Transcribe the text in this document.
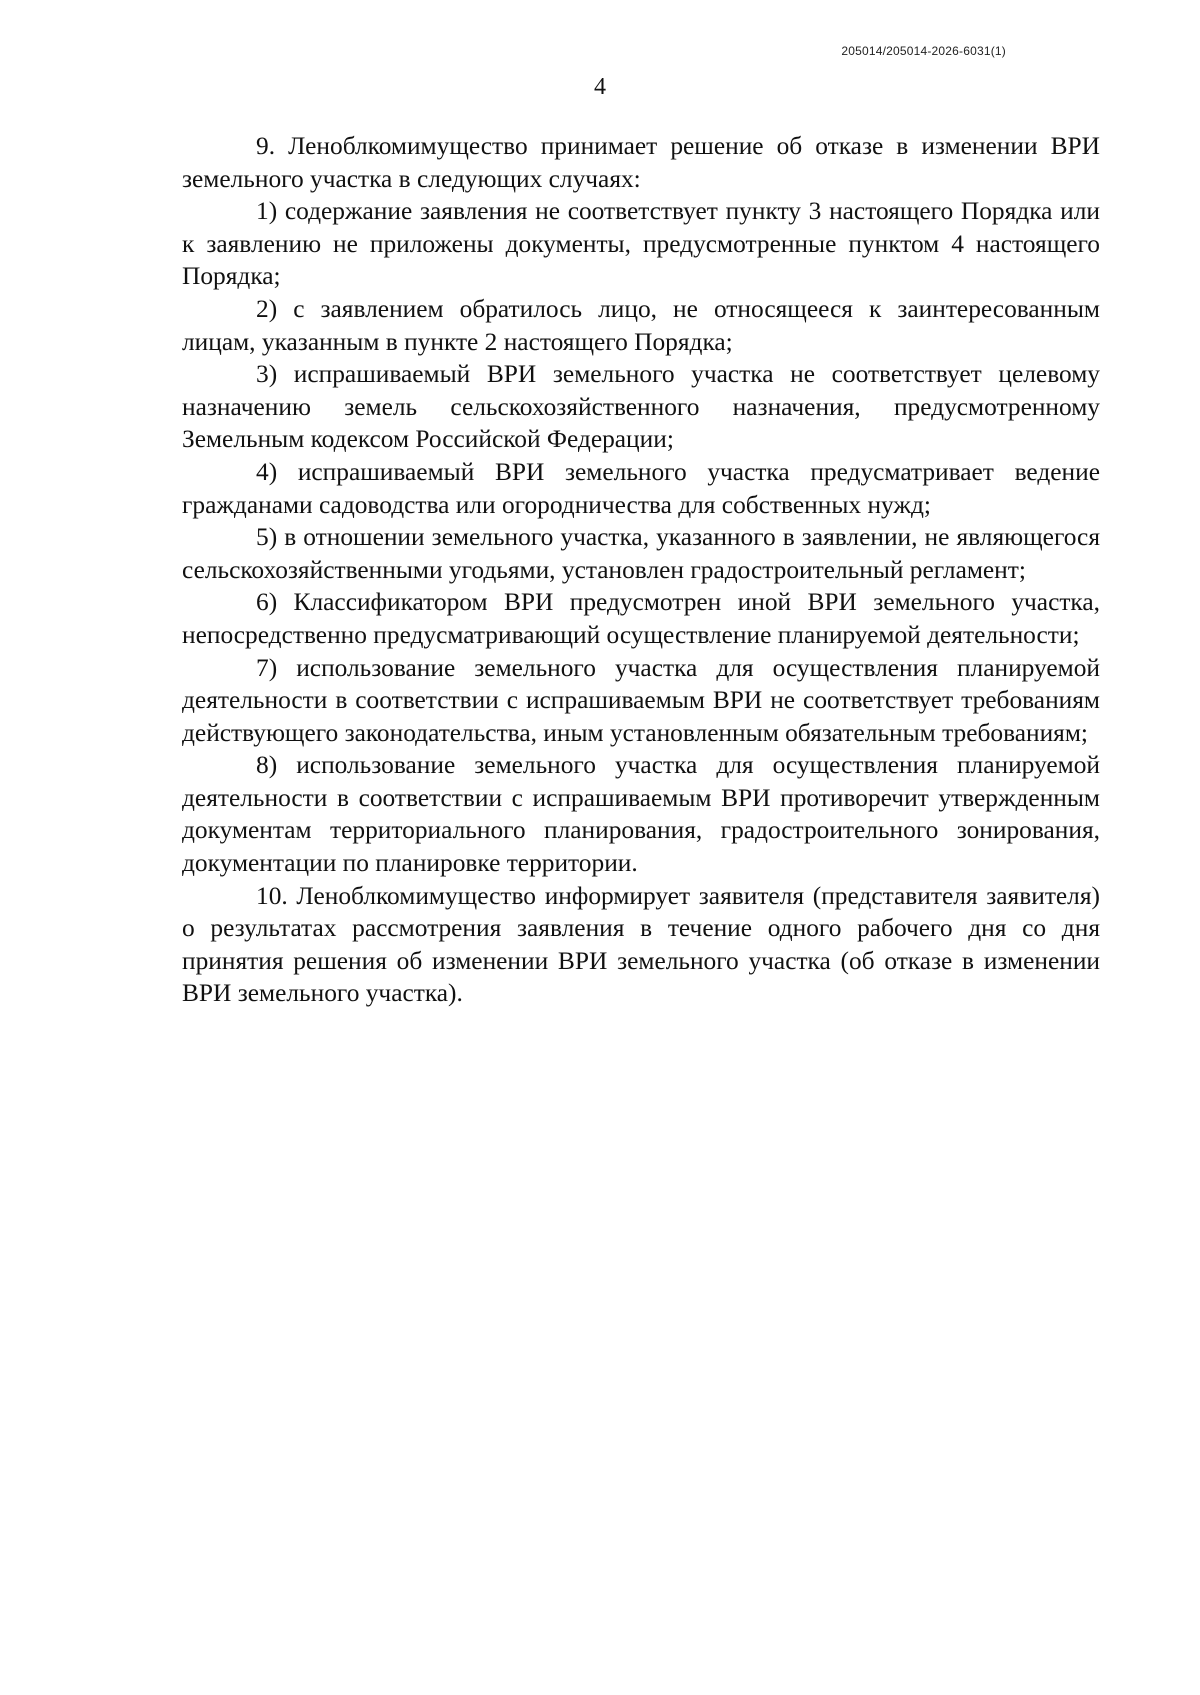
205014/205014-2026-6031(1)
4

9. Леноблкомимущество принимает решение об отказе в изменении ВРИ земельного участка в следующих случаях:

1) содержание заявления не соответствует пункту 3 настоящего Порядка или к заявлению не приложены документы, предусмотренные пунктом 4 настоящего Порядка;

2) с заявлением обратилось лицо, не относящееся к заинтересованным лицам, указанным в пункте 2 настоящего Порядка;

3) испрашиваемый ВРИ земельного участка не соответствует целевому назначению земель сельскохозяйственного назначения, предусмотренному Земельным кодексом Российской Федерации;

4) испрашиваемый ВРИ земельного участка предусматривает ведение гражданами садоводства или огородничества для собственных нужд;

5) в отношении земельного участка, указанного в заявлении, не являющегося сельскохозяйственными угодьями, установлен градостроительный регламент;

6) Классификатором ВРИ предусмотрен иной ВРИ земельного участка, непосредственно предусматривающий осуществление планируемой деятельности;

7) использование земельного участка для осуществления планируемой деятельности в соответствии с испрашиваемым ВРИ не соответствует требованиям действующего законодательства, иным установленным обязательным требованиям;

8) использование земельного участка для осуществления планируемой деятельности в соответствии с испрашиваемым ВРИ противоречит утвержденным документам территориального планирования, градостроительного зонирования, документации по планировке территории.

10. Леноблкомимущество информирует заявителя (представителя заявителя) о результатах рассмотрения заявления в течение одного рабочего дня со дня принятия решения об изменении ВРИ земельного участка (об отказе в изменении ВРИ земельного участка).
